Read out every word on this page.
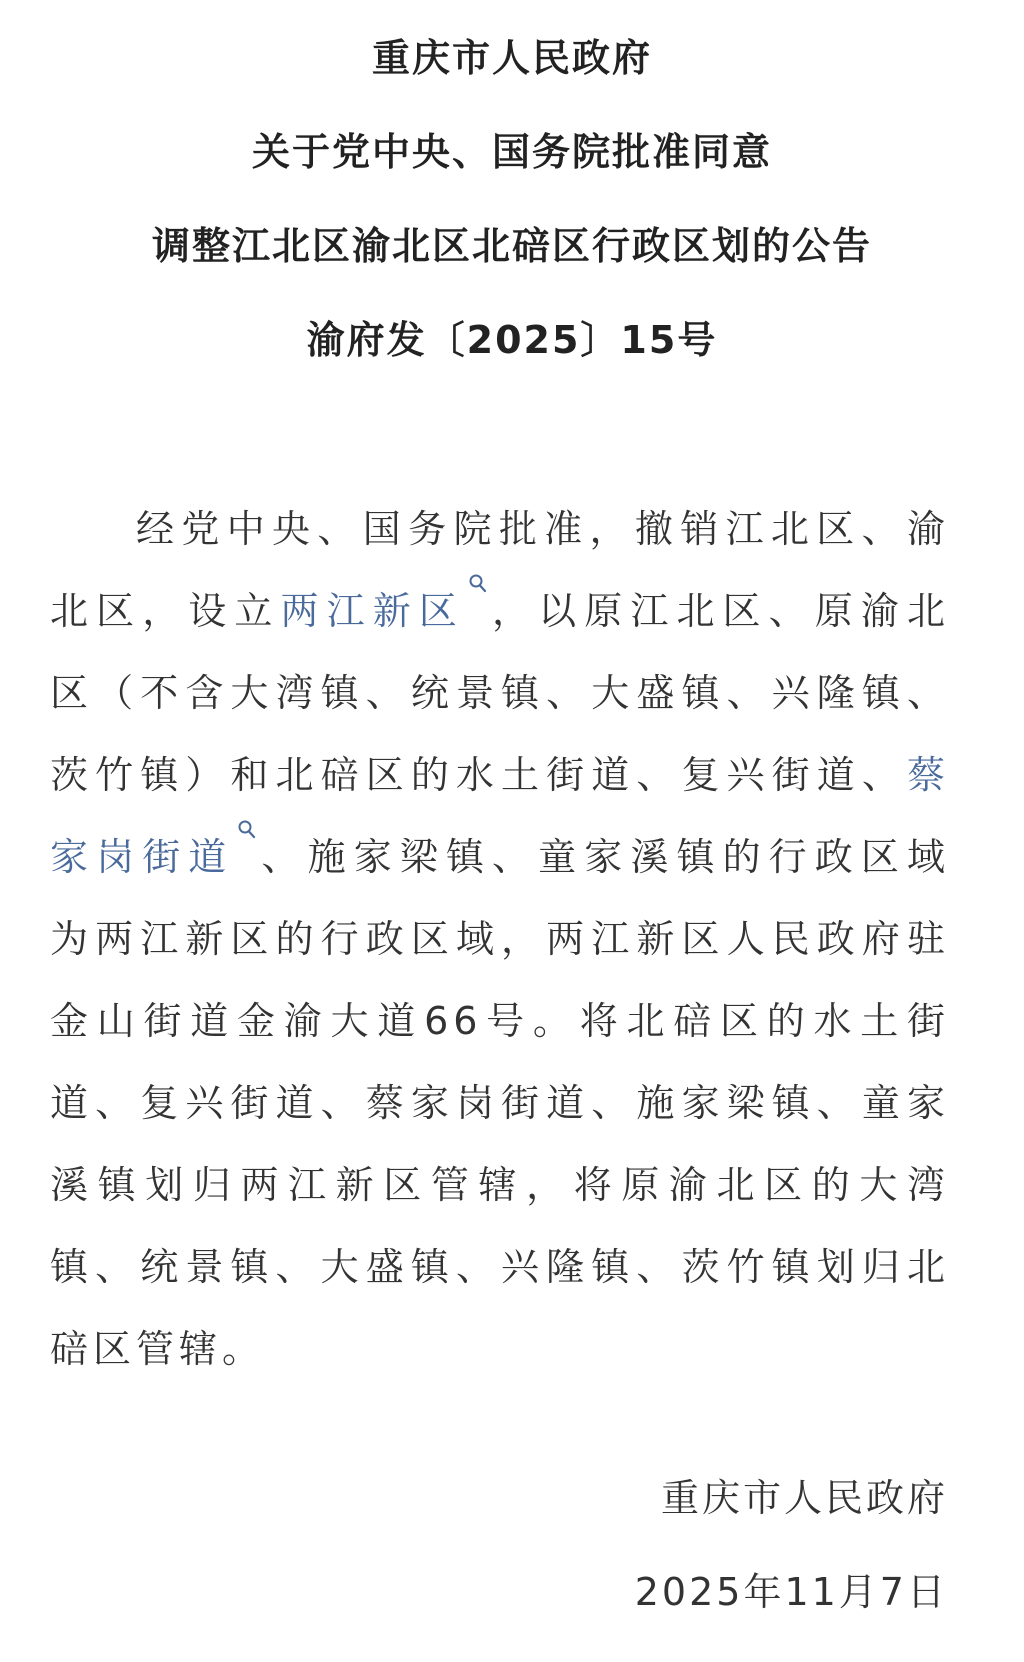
重庆市人民政府
关于党中央、国务院批准同意
调整江北区渝北区北碚区行政区划的公告
渝府发〔2025〕15号
经党中央、国务院批准，撤销江北区、渝
北区，设立两江新区 ，以原江北区、原渝北
区（不含大湾镇、统景镇、大盛镇、兴隆镇、
茨竹镇）和北碚区的水土街道、复兴街道、蔡
家岗街道 、施家梁镇、童家溪镇的行政区域
为两江新区的行政区域，两江新区人民政府驻
金山街道金渝大道66号。将北碚区的水土街
道、复兴街道、蔡家岗街道、施家梁镇、童家
溪镇划归两江新区管辖，将原渝北区的大湾
镇、统景镇、大盛镇、兴隆镇、茨竹镇划归北
碚区管辖。
重庆市人民政府
2025年11月7日
